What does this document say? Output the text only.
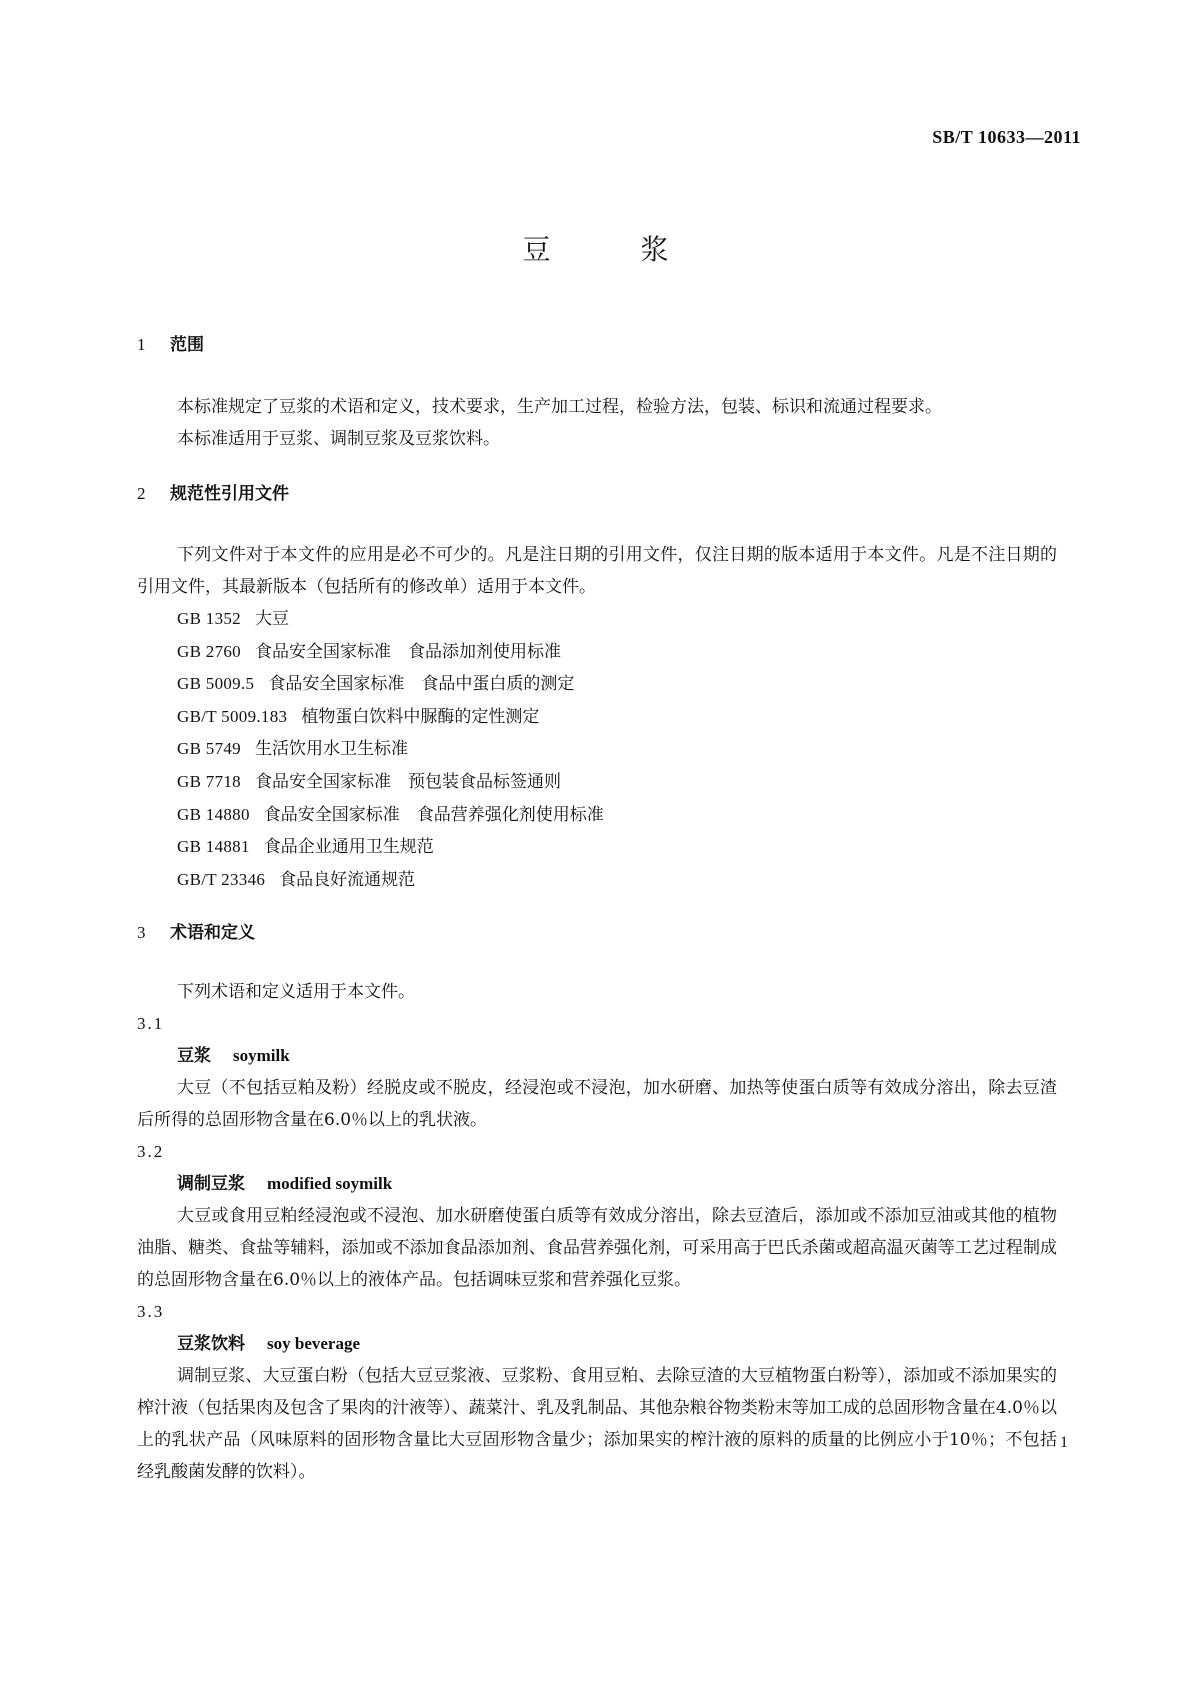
SB/T 10633—2011
豆浆
1 范围

本标准规定了豆浆的术语和定义，技术要求，生产加工过程，检验方法，包装、标识和流通过程要求。

本标准适用于豆浆、调制豆浆及豆浆饮料。

2 规范性引用文件

下列文件对于本文件的应用是必不可少的。凡是注日期的引用文件，仅注日期的版本适用于本文件。凡是不注日期的引用文件，其最新版本（包括所有的修改单）适用于本文件。

GB 1352 大豆
GB 2760 食品安全国家标准　食品添加剂使用标准
GB 5009.5 食品安全国家标准　食品中蛋白质的测定
GB/T 5009.183 植物蛋白饮料中脲酶的定性测定
GB 5749 生活饮用水卫生标准
GB 7718 食品安全国家标准　预包装食品标签通则
GB 14880 食品安全国家标准　食品营养强化剂使用标准
GB 14881 食品企业通用卫生规范
GB/T 23346 食品良好流通规范
3 术语和定义

下列术语和定义适用于本文件。

3.1
豆浆 soymilk

大豆（不包括豆粕及粉）经脱皮或不脱皮，经浸泡或不浸泡，加水研磨、加热等使蛋白质等有效成分溶出，除去豆渣后所得的总固形物含量在6.0％以上的乳状液。

3.2
调制豆浆 modified soymilk

大豆或食用豆粕经浸泡或不浸泡、加水研磨使蛋白质等有效成分溶出，除去豆渣后，添加或不添加豆油或其他的植物油脂、糖类、食盐等辅料，添加或不添加食品添加剂、食品营养强化剂，可采用高于巴氏杀菌或超高温灭菌等工艺过程制成的总固形物含量在6.0％以上的液体产品。包括调味豆浆和营养强化豆浆。

3.3
豆浆饮料 soy beverage

调制豆浆、大豆蛋白粉（包括大豆豆浆液、豆浆粉、食用豆粕、去除豆渣的大豆植物蛋白粉等），添加或不添加果实的榨汁液（包括果肉及包含了果肉的汁液等）、蔬菜汁、乳及乳制品、其他杂粮谷物类粉末等加工成的总固形物含量在4.0％以上的乳状产品（风味原料的固形物含量比大豆固形物含量少；添加果实的榨汁液的原料的质量的比例应小于10％；不包括经乳酸菌发酵的饮料）。

1
